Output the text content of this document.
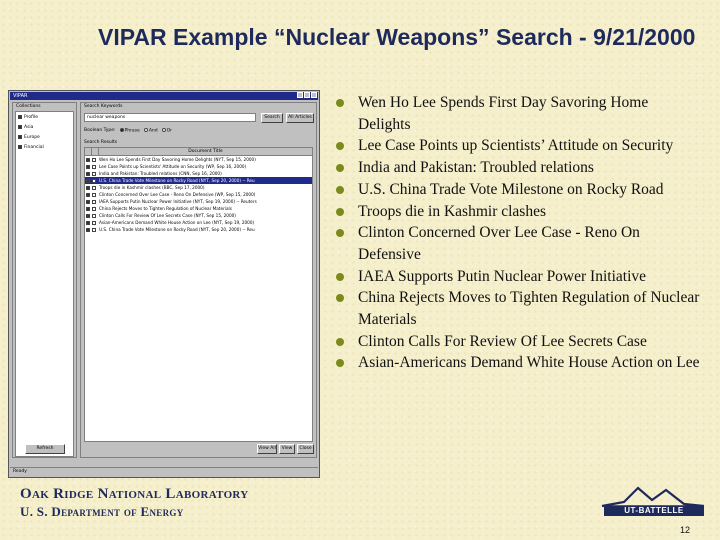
VIPAR Example “Nuclear Weapons” Search - 9/21/2000
VIPAR
Collections
Profile
Asia
Europe
Financial
Refresh
Search Keywords
nuclear weapons	Search	All Articles
Boolean Type:	Phrase	And	Or
Search Results
Document Title
Wen Ho Lee Spends First Day Savoring Home Delights (NYT, Sep 15, 2000)
Lee Case Points up Scientists' Attitude on Security (WP, Sep 16, 2000)
India and Pakistan: Troubled relations (CNN, Sep 16, 2000)
U.S. China Trade Vote Milestone on Rocky Road (NYT, Sep 20, 2000) -- Reu
Troops die in Kashmir clashes (BBC, Sep 17, 2000)
Clinton Concerned Over Lee Case - Reno On Defensive (WP, Sep 15, 2000)
IAEA Supports Putin Nuclear Power Initiative (NYT, Sep 19, 2000) -- Reuters
China Rejects Moves to Tighten Regulation of Nuclear Materials
Clinton Calls For Review Of Lee Secrets Case (NYT, Sep 15, 2000)
Asian-Americans Demand White House Action on Lee (NYT, Sep 19, 2000)
U.S. China Trade Vote Milestone on Rocky Road (NYT, Sep 20, 2000) -- Reu
View All	View	Close
Ready
Wen Ho Lee Spends First Day Savoring Home Delights
Lee Case Points up Scientists’ Attitude on Security
India and Pakistan: Troubled relations
U.S. China Trade Vote Milestone on Rocky Road
Troops die in Kashmir clashes
Clinton Concerned Over Lee Case - Reno On Defensive
IAEA Supports Putin Nuclear Power Initiative
China Rejects Moves to Tighten Regulation of Nuclear Materials
Clinton Calls For Review Of Lee Secrets Case
Asian-Americans Demand White House Action on Lee
Oak Ridge National Laboratory
U. S. Department of Energy	UT-BATTELLE
12
